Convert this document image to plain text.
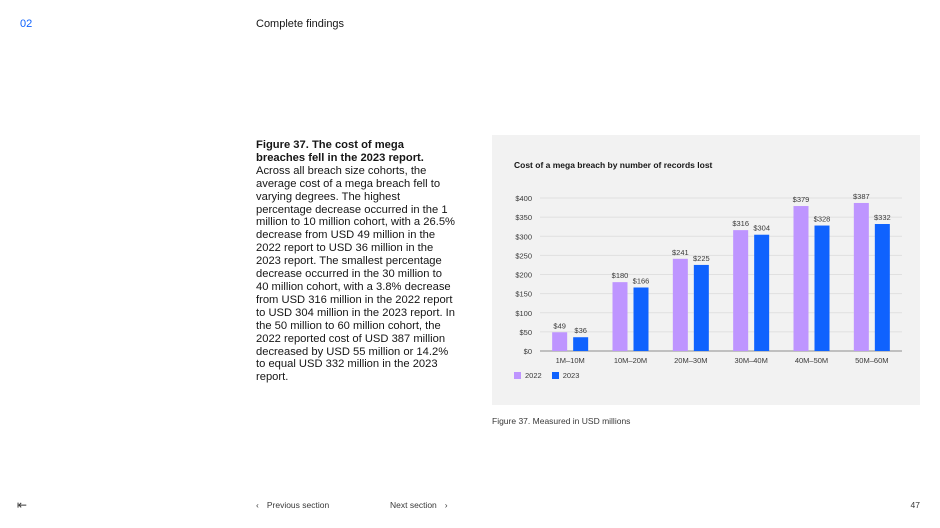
02	Complete findings
Figure 37. The cost of mega breaches fell in the 2023 report.
Across all breach size cohorts, the average cost of a mega breach fell to varying degrees. The highest percentage decrease occurred in the 1 million to 10 million cohort, with a 26.5% decrease from USD 49 million in the 2022 report to USD 36 million in the 2023 report. The smallest percentage decrease occurred in the 30 million to 40 million cohort, with a 3.8% decrease from USD 316 million in the 2022 report to USD 304 million in the 2023 report. In the 50 million to 60 million cohort, the 2022 reported cost of USD 387 million decreased by USD 55 million or 14.2% to equal USD 332 million in the 2023 report.
Cost of a mega breach by number of records lost
$0
$50
$100
$150
$200
$250
$300
$350
$400
$49
$36
1M–10M
$180
$166
10M–20M
$241
$225
20M–30M
$316
$304
30M–40M
$379
$328
40M–50M
$387
$332
50M–60M
2022	2023
Figure 37. Measured in USD millions
⇤	‹ Previous section	Next section ›	47
